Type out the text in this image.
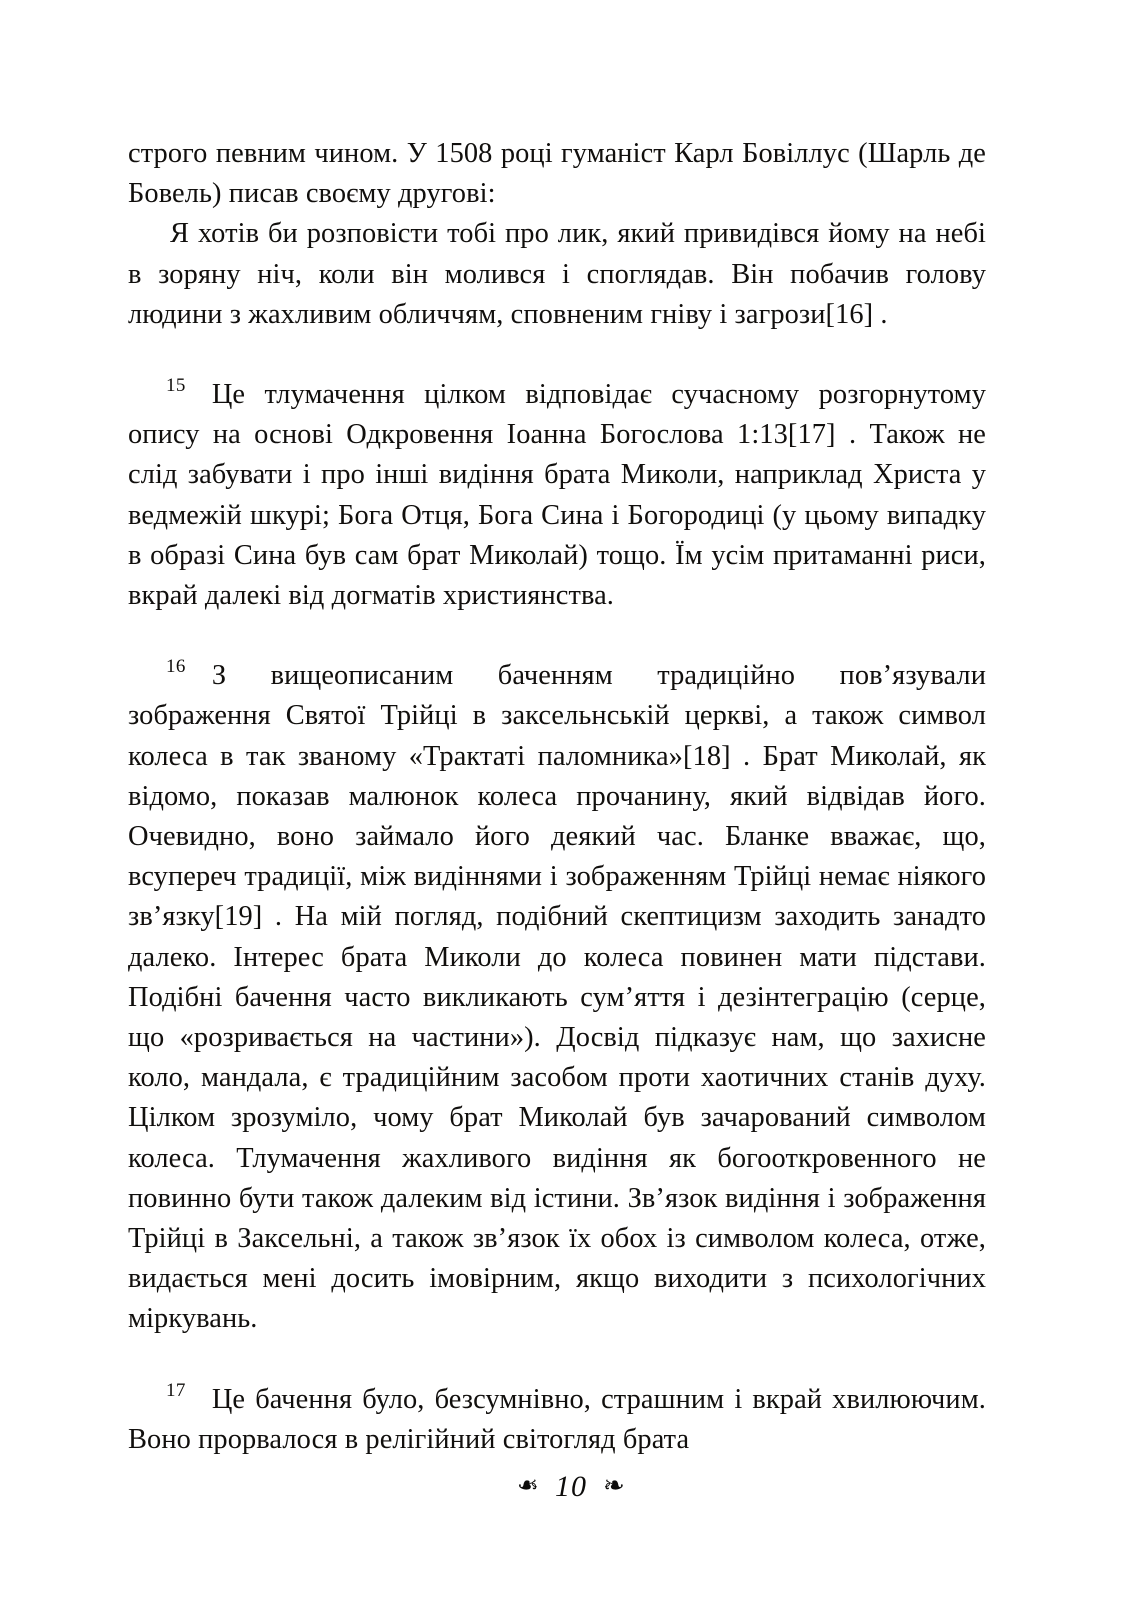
строго певним чином. У 1508 році гуманіст Карл Бовіллус (Шарль де Бовель) писав своєму другові:

Я хотів би розповісти тобі про лик, який привидівся йому на небі в зоряну ніч, коли він молився і споглядав. Він побачив голову людини з жахливим обличчям, сповненим гніву і загрози[16] .

15 Це тлумачення цілком відповідає сучасному розгорнутому опису на основі Одкровення Іоанна Богослова 1:13[17] . Також не слід забувати і про інші видіння брата Миколи, наприклад Христа у ведмежій шкурі; Бога Отця, Бога Сина і Богородиці (у цьому випадку в образі Сина був сам брат Миколай) тощо. Їм усім притаманні риси, вкрай далекі від догматів християнства.

16 З вищеописаним баченням традиційно пов’язували зображення Святої Трійці в заксельнській церкві, а також символ колеса в так званому «Трактаті паломника»[18] . Брат Миколай, як відомо, показав малюнок колеса прочанину, який відвідав його. Очевидно, воно займало його деякий час. Бланке вважає, що, всупереч традиції, між видіннями і зображенням Трійці немає ніякого зв’язку[19] . На мій погляд, подібний скептицизм заходить занадто далеко. Інтерес брата Миколи до колеса повинен мати підстави. Подібні бачення часто викликають сум’яття і дезінтеграцію (серце, що «розривається на частини»). Досвід підказує нам, що захисне коло, мандала, є традиційним засобом проти хаотичних станів духу. Цілком зрозуміло, чому брат Миколай був зачарований символом колеса. Тлумачення жахливого видіння як богооткровенного не повинно бути також далеким від істини. Зв’язок видіння і зображення Трійці в Заксельні, а також зв’язок їх обох із символом колеса, отже, видається мені досить імовірним, якщо виходити з психологічних міркувань.

17 Це бачення було, безсумнівно, страшним і вкрай хвилюючим. Воно прорвалося в релігійний світогляд брата

❧ 10 ❧
